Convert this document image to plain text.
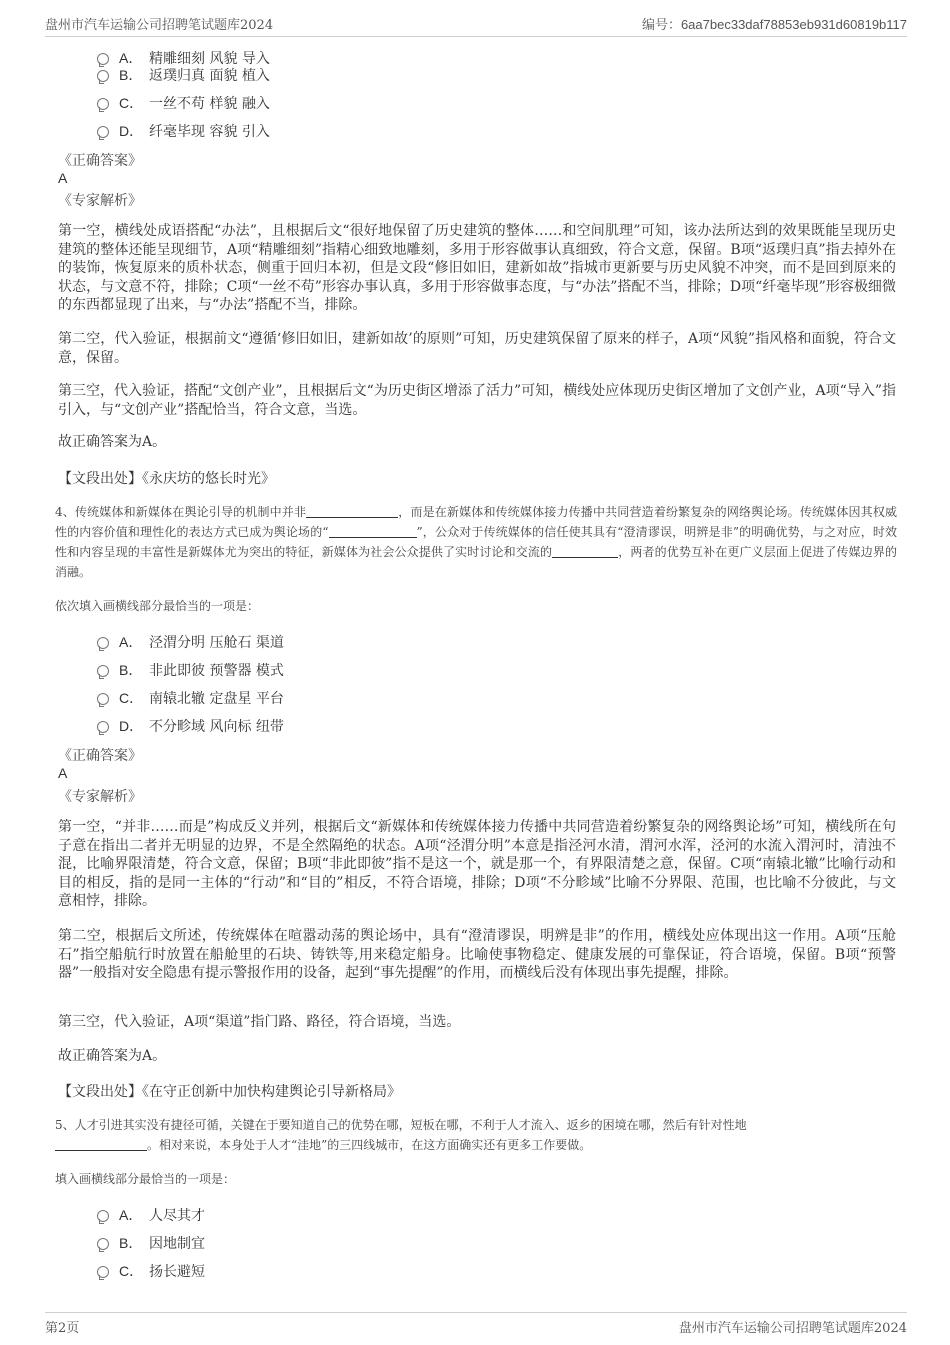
盘州市汽车运输公司招聘笔试题库2024	编号：6aa7bec33daf78853eb931d60819b117
A． 精雕细刻 风貌 导入
B． 返璞归真 面貌 植入
C． 一丝不苟 样貌 融入
D． 纤毫毕现 容貌 引入
《正确答案》
A
《专家解析》
第一空，横线处成语搭配“办法”，且根据后文“很好地保留了历史建筑的整体……和空间肌理”可知，该办法所达到的效果既能呈现历史建筑的整体还能呈现细节，A项“精雕细刻”指精心细致地雕刻，多用于形容做事认真细致，符合文意，保留。B项“返璞归真”指去掉外在的装饰，恢复原来的质朴状态，侧重于回归本初，但是文段“修旧如旧，建新如故”指城市更新要与历史风貌不冲突，而不是回到原来的状态，与文意不符，排除；C项“一丝不苟”形容办事认真，多用于形容做事态度，与“办法”搭配不当，排除；D项“纤毫毕现”形容极细微的东西都显现了出来，与“办法”搭配不当，排除。
第二空，代入验证，根据前文“遵循‘修旧如旧，建新如故’的原则”可知，历史建筑保留了原来的样子，A项“风貌”指风格和面貌，符合文意，保留。
第三空，代入验证，搭配“文创产业”，且根据后文“为历史街区增添了活力”可知，横线处应体现历史街区增加了文创产业，A项“导入”指引入，与“文创产业”搭配恰当，符合文意，当选。
故正确答案为A。
【文段出处】《永庆坊的悠长时光》
4、传统媒体和新媒体在舆论引导的机制中并非	，而是在新媒体和传统媒体接力传播中共同营造着纷繁复杂的网络舆论场。传统媒体因其权威性的内容价值和理性化的表达方式已成为舆论场的“	”，公众对于传统媒体的信任使其具有“澄清谬误，明辨是非”的明确优势，与之对应，时效性和内容呈现的丰富性是新媒体尤为突出的特征，新媒体为社会公众提供了实时讨论和交流的	，两者的优势互补在更广义层面上促进了传媒边界的消融。
依次填入画横线部分最恰当的一项是：
A． 泾渭分明 压舱石 渠道
B． 非此即彼 预警器 模式
C． 南辕北辙 定盘星 平台
D． 不分畛域 风向标 纽带
《正确答案》
A
《专家解析》
第一空，“并非……而是”构成反义并列，根据后文“新媒体和传统媒体接力传播中共同营造着纷繁复杂的网络舆论场”可知，横线所在句子意在指出二者并无明显的边界，不是全然隔绝的状态。A项“泾渭分明”本意是指泾河水清，渭河水浑，泾河的水流入渭河时，清浊不混，比喻界限清楚，符合文意，保留；B项“非此即彼”指不是这一个，就是那一个，有界限清楚之意，保留。C项“南辕北辙”比喻行动和目的相反，指的是同一主体的“行动”和“目的”相反，不符合语境，排除；D项“不分畛域”比喻不分界限、范围，也比喻不分彼此，与文意相悖，排除。
第二空，根据后文所述，传统媒体在喧嚣动荡的舆论场中，具有“澄清谬误，明辨是非”的作用，横线处应体现出这一作用。A项“压舱石”指空船航行时放置在船舱里的石块、铸铁等,用来稳定船身。比喻使事物稳定、健康发展的可靠保证，符合语境，保留。B项“预警器”一般指对安全隐患有提示警报作用的设备，起到“事先提醒”的作用，而横线后没有体现出事先提醒，排除。
第三空，代入验证，A项“渠道”指门路、路径，符合语境，当选。
故正确答案为A。
【文段出处】《在守正创新中加快构建舆论引导新格局》
5、人才引进其实没有捷径可循，关键在于要知道自己的优势在哪，短板在哪，不利于人才流入、返乡的困境在哪，然后有针对性地
。相对来说，本身处于人才“洼地”的三四线城市，在这方面确实还有更多工作要做。
填入画横线部分最恰当的一项是：
A． 人尽其才
B． 因地制宜
C． 扬长避短
第2页	盘州市汽车运输公司招聘笔试题库2024
